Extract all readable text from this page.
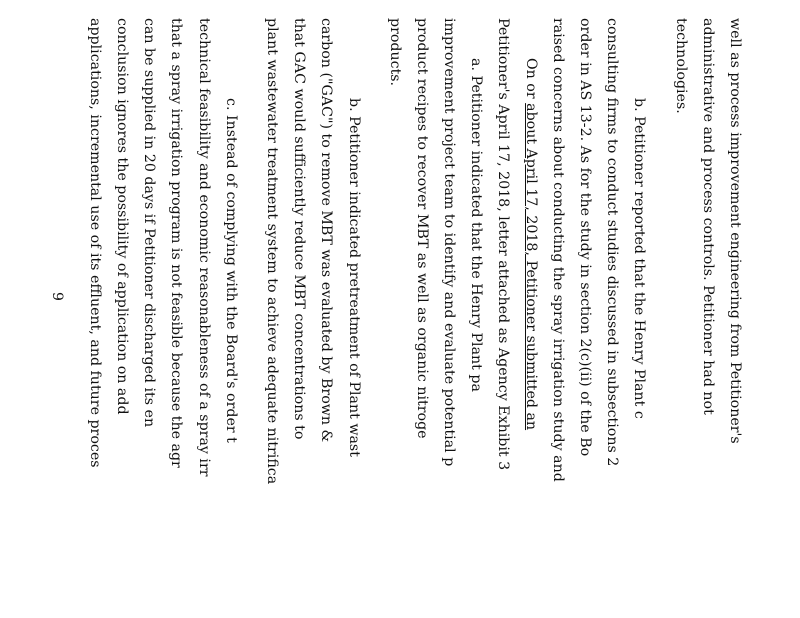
well as process improvement engineering from Petitioner's
administrative and process controls. Petitioner had not
technologies.
b. Petitioner reported that the Henry Plant c
consulting firms to conduct studies discussed in subsections 2
order in AS 13-2. As for the study in section 2(c)(ii) of the Bo
raised concerns about conducting the spray irrigation study and
On or about April 17, 2018, Petitioner submitted an
Petitioner's April 17, 2018, letter attached as Agency Exhibit 3
a. Petitioner indicated that the Henry Plant pa
improvement project team to identify and evaluate potential p
product recipes to recover MBT as well as organic nitroge
products.
b. Petitioner indicated pretreatment of Plant wast
carbon ("GAC") to remove MBT was evaluated by Brown &
that GAC would sufficiently reduce MBT concentrations to
plant wastewater treatment system to achieve adequate nitrifica
c. Instead of complying with the Board's order t
technical feasibility and economic reasonableness of a spray irr
that a spray irrigation program is not feasible because the agr
can be supplied in 20 days if Petitioner discharged its en
conclusion ignores the possibility of application on add
applications, incremental use of its effluent, and future proces
9
